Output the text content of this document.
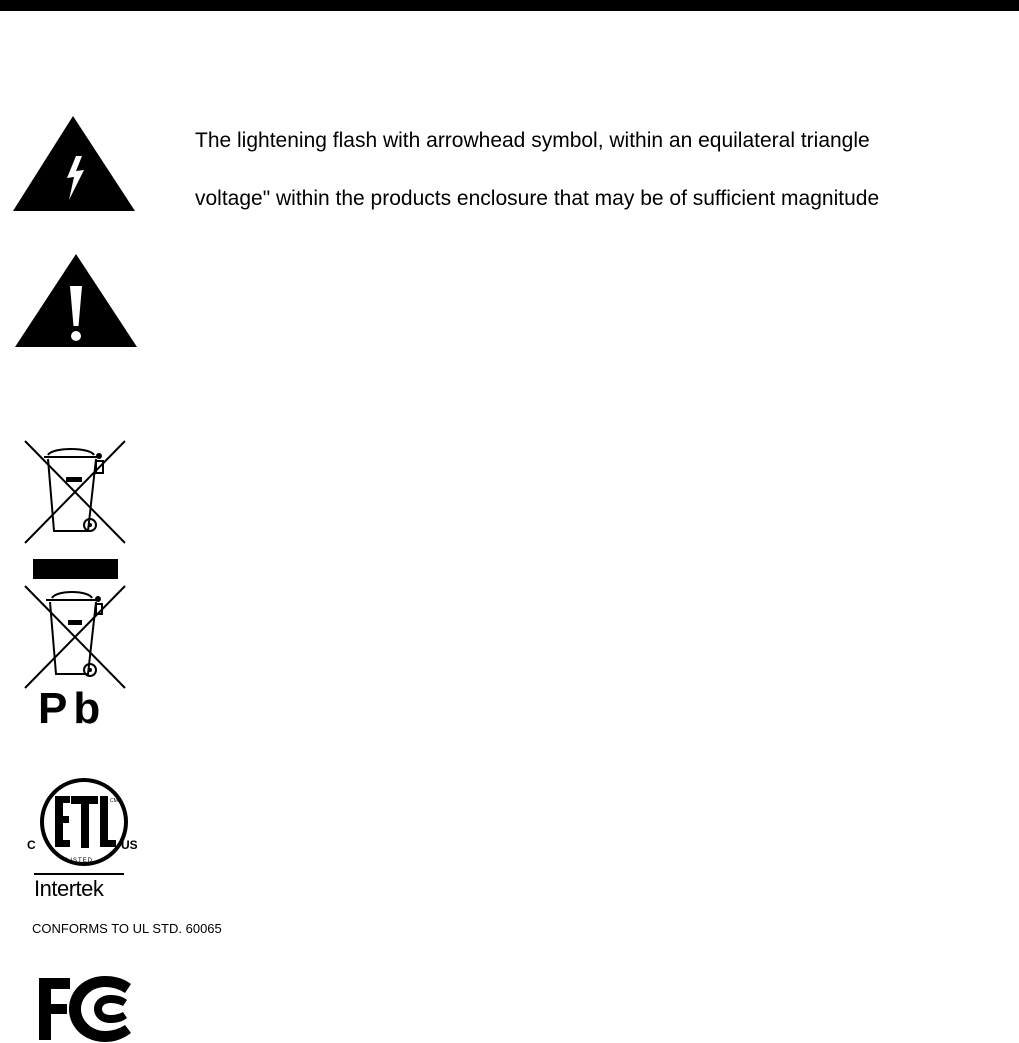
The lightening flash with arrowhead symbol, within an equilateral triangle
voltage" within the products enclosure that may be of sufficient magnitude
Pb
CM
LISTED
C	US
Intertek
CONFORMS TO UL STD. 60065
